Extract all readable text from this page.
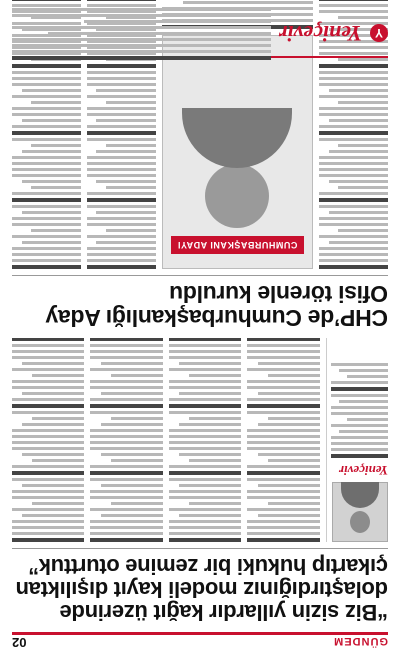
GÜNDEM
02
“Biz sizin yıllardır kağıt üzerinde dolaştırdığınız modeli kayıt dışılıktan çıkartıp hukuki bir zemine oturttuk”
Yeniçevir
CHP’de Cumhurbaşkanlığı Aday Ofisi törenle kuruldu
CUMHURBAŞKANI ADAYI
Y
Yeniçevir
